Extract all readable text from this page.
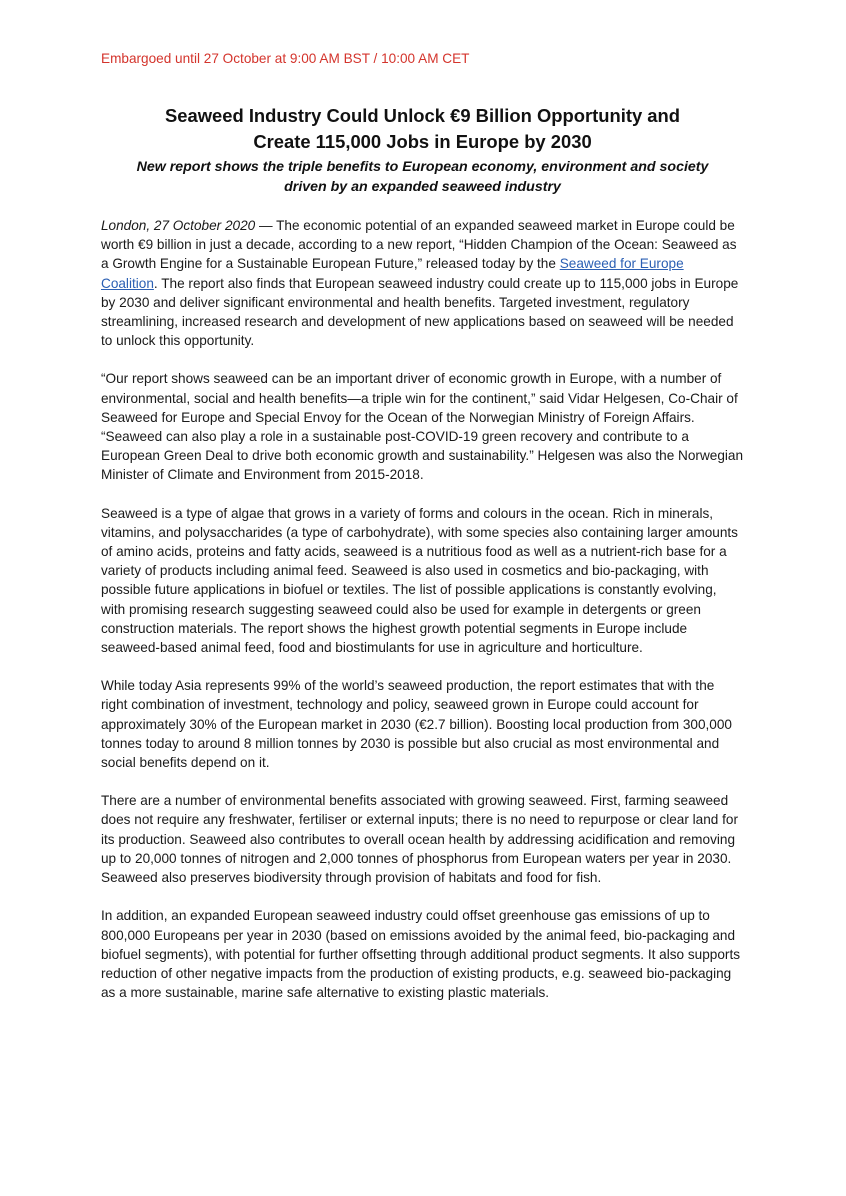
Embargoed until 27 October at 9:00 AM BST / 10:00 AM CET

Seaweed Industry Could Unlock €9 Billion Opportunity and
Create 115,000 Jobs in Europe by 2030
New report shows the triple benefits to European economy, environment and society
driven by an expanded seaweed industry

London, 27 October 2020 — The economic potential of an expanded seaweed market in Europe could be worth €9 billion in just a decade, according to a new report, “Hidden Champion of the Ocean: Seaweed as a Growth Engine for a Sustainable European Future,” released today by the Seaweed for Europe Coalition. The report also finds that European seaweed industry could create up to 115,000 jobs in Europe by 2030 and deliver significant environmental and health benefits. Targeted investment, regulatory streamlining, increased research and development of new applications based on seaweed will be needed to unlock this opportunity.

“Our report shows seaweed can be an important driver of economic growth in Europe, with a number of environmental, social and health benefits—a triple win for the continent,” said Vidar Helgesen, Co-Chair of Seaweed for Europe and Special Envoy for the Ocean of the Norwegian Ministry of Foreign Affairs. “Seaweed can also play a role in a sustainable post-COVID-19 green recovery and contribute to a European Green Deal to drive both economic growth and sustainability.” Helgesen was also the Norwegian Minister of Climate and Environment from 2015-2018.

Seaweed is a type of algae that grows in a variety of forms and colours in the ocean. Rich in minerals, vitamins, and polysaccharides (a type of carbohydrate), with some species also containing larger amounts of amino acids, proteins and fatty acids, seaweed is a nutritious food as well as a nutrient-rich base for a variety of products including animal feed. Seaweed is also used in cosmetics and bio-packaging, with possible future applications in biofuel or textiles. The list of possible applications is constantly evolving, with promising research suggesting seaweed could also be used for example in detergents or green construction materials. The report shows the highest growth potential segments in Europe include seaweed-based animal feed, food and biostimulants for use in agriculture and horticulture.

While today Asia represents 99% of the world’s seaweed production, the report estimates that with the right combination of investment, technology and policy, seaweed grown in Europe could account for approximately 30% of the European market in 2030 (€2.7 billion). Boosting local production from 300,000 tonnes today to around 8 million tonnes by 2030 is possible but also crucial as most environmental and social benefits depend on it.

There are a number of environmental benefits associated with growing seaweed. First, farming seaweed does not require any freshwater, fertiliser or external inputs; there is no need to repurpose or clear land for its production. Seaweed also contributes to overall ocean health by addressing acidification and removing up to 20,000 tonnes of nitrogen and 2,000 tonnes of phosphorus from European waters per year in 2030. Seaweed also preserves biodiversity through provision of habitats and food for fish.

In addition, an expanded European seaweed industry could offset greenhouse gas emissions of up to 800,000 Europeans per year in 2030 (based on emissions avoided by the animal feed, bio-packaging and biofuel segments), with potential for further offsetting through additional product segments. It also supports reduction of other negative impacts from the production of existing products, e.g. seaweed bio-packaging as a more sustainable, marine safe alternative to existing plastic materials.
